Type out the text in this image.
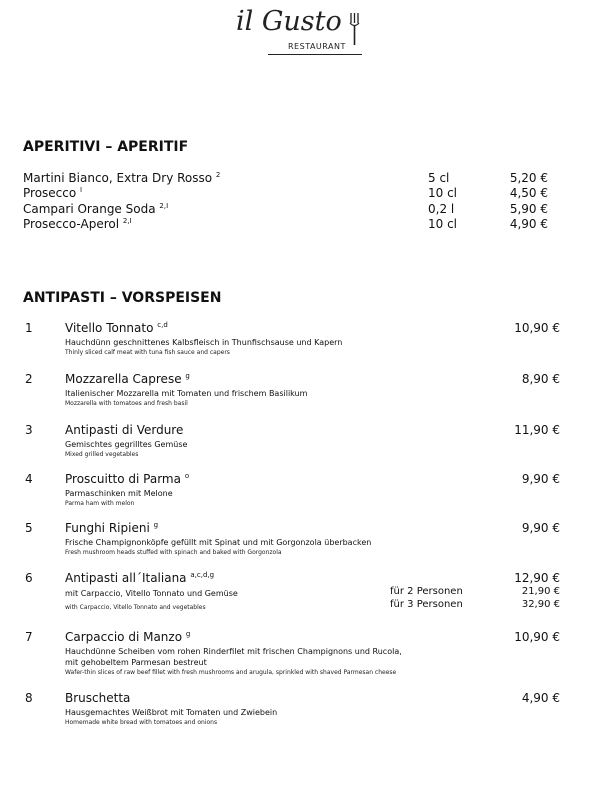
il Gusto
RESTAURANT
APERITIVI – APERITIF
Martini Bianco, Extra Dry Rosso $^2$	5 cl	5,20 €
Prosecco $^I$	10 cl	4,50 €
Campari Orange Soda $^{2,I}$	0,2 l	5,90 €
Prosecco-Aperol $^{2,I}$	10 cl	4,90 €
ANTIPASTI – VORSPEISEN
1	Vitello Tonnato $^{c,d}$	10,90 €
Hauchdünn geschnittenes Kalbsfleisch in Thunfischsause und Kapern
Thinly sliced calf meat with tuna fish sauce and capers
2	Mozzarella Caprese $^g$	8,90 €
Italienischer Mozzarella mit Tomaten und frischem Basilikum
Mozzarella with tomatoes and fresh basil
3	Antipasti di Verdure	11,90 €
Gemischtes gegrilltes Gemüse
Mixed grilled vegetables
4	Proscuitto di Parma $^o$	9,90 €
Parmaschinken mit Melone
Parma ham with melon
5	Funghi Ripieni $^g$	9,90 €
Frische Champignonköpfe gefüllt mit Spinat und mit Gorgonzola überbacken
Fresh mushroom heads stuffed with spinach and baked with Gorgonzola
6	Antipasti all´Italiana $^{a,c,d,g}$	12,90 €
mit Carpaccio, Vitello Tonnato und Gemüse
with Carpaccio, Vitello Tonnato and vegetables
für 2 Personen	21,90 €
für 3 Personen	32,90 €
7	Carpaccio di Manzo $^g$	10,90 €
Hauchdünne Scheiben vom rohen Rinderfilet mit frischen Champignons und Rucola,
mit gehobeltem Parmesan bestreut
Wafer-thin slices of raw beef fillet with fresh mushrooms and arugula, sprinkled with shaved Parmesan cheese
8	Bruschetta	4,90 €
Hausgemachtes Weißbrot mit Tomaten und Zwiebein
Homemade white bread with tomatoes and onions
